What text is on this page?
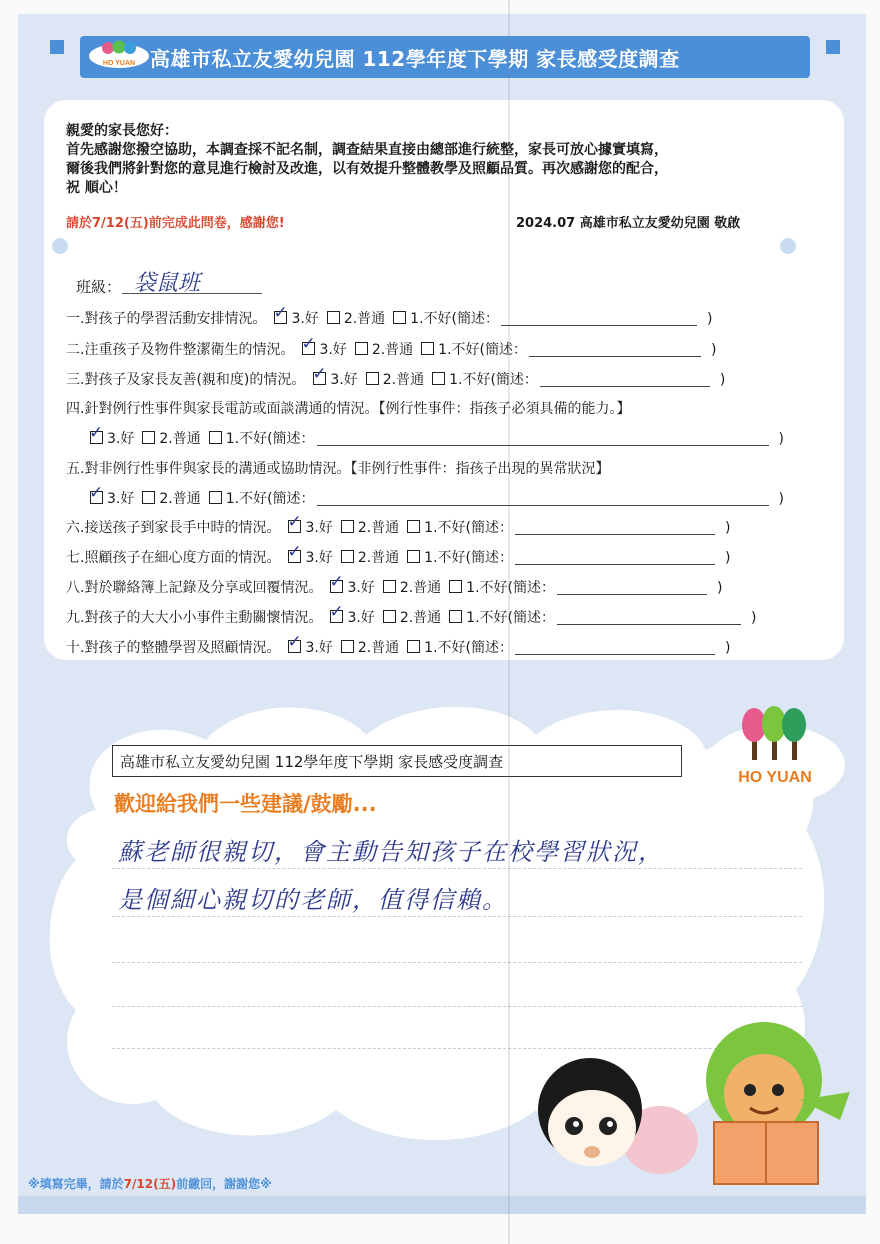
HO YUAN 高雄市私立友愛幼兒園 112學年度下學期 家長感受度調查
親愛的家長您好：
首先感謝您撥空協助，本調查採不記名制，調查結果直接由總部進行統整，家長可放心據實填寫，
爾後我們將針對您的意見進行檢討及改進，以有效提升整體教學及照顧品質。再次感謝您的配合，
祝 順心！
請於7/12(五)前完成此問卷，感謝您!	2024.07 高雄市私立友愛幼兒園 敬啟
班級： 袋鼠班
一.對孩子的學習活動安排情況。 ✓ 3.好 2.普通 1.不好(簡述：	)
二.注重孩子及物件整潔衛生的情況。 ✓ 3.好 2.普通 1.不好(簡述：	)
三.對孩子及家長友善(親和度)的情況。 ✓ 3.好 2.普通 1.不好(簡述：	)
四.針對例行性事件與家長電訪或面談溝通的情況。【例行性事件：指孩子必須具備的能力。】
✓3.好 2.普通 1.不好(簡述：	)
五.對非例行性事件與家長的溝通或協助情況。【非例行性事件：指孩子出現的異常狀況】
✓3.好 2.普通 1.不好(簡述：	)
六.接送孩子到家長手中時的情況。 ✓ 3.好 2.普通 1.不好(簡述：	)
七.照顧孩子在細心度方面的情況。 ✓ 3.好 2.普通 1.不好(簡述：	)
八.對於聯絡簿上記錄及分享或回覆情況。 ✓ 3.好 2.普通 1.不好(簡述：	)
九.對孩子的大大小小事件主動關懷情況。 ✓ 3.好 2.普通 1.不好(簡述：	)
十.對孩子的整體學習及照顧情況。 ✓ 3.好 2.普通 1.不好(簡述：	)
高雄市私立友愛幼兒園 112學年度下學期 家長感受度調查
HO YUAN
歡迎給我們一些建議/鼓勵...
蘇老師很親切，會主動告知孩子在校學習狀況，
是個細心親切的老師，值得信賴。
※填寫完畢，請於7/12(五)前繳回，謝謝您※
